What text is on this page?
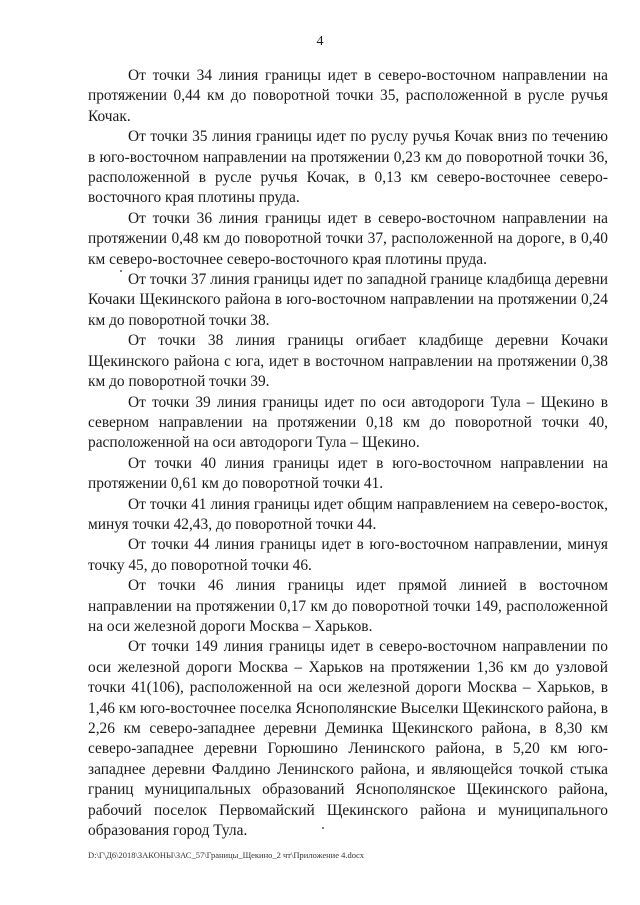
4

От точки 34 линия границы идет в северо-восточном направлении на протяжении 0,44 км до поворотной точки 35, расположенной в русле ручья Кочак.

От точки 35 линия границы идет по руслу ручья Кочак вниз по течению в юго-восточном направлении на протяжении 0,23 км до поворотной точки 36, расположенной в русле ручья Кочак, в 0,13 км северо-восточнее северо-восточного края плотины пруда.

От точки 36 линия границы идет в северо-восточном направлении на протяжении 0,48 км до поворотной точки 37, расположенной на дороге, в 0,40 км северо-восточнее северо-восточного края плотины пруда.

От точки 37 линия границы идет по западной границе кладбища деревни Кочаки Щекинского района в юго-восточном направлении на протяжении 0,24 км до поворотной точки 38.

От точки 38 линия границы огибает кладбище деревни Кочаки Щекинского района с юга, идет в восточном направлении на протяжении 0,38 км до поворотной точки 39.

От точки 39 линия границы идет по оси автодороги Тула – Щекино в северном направлении на протяжении 0,18 км до поворотной точки 40, расположенной на оси автодороги Тула – Щекино.

От точки 40 линия границы идет в юго-восточном направлении на протяжении 0,61 км до поворотной точки 41.

От точки 41 линия границы идет общим направлением на северо-восток, минуя точки 42,43, до поворотной точки 44.

От точки 44 линия границы идет в юго-восточном направлении, минуя точку 45, до поворотной точки 46.

От точки 46 линия границы идет прямой линией в восточном направлении на протяжении 0,17 км до поворотной точки 149, расположенной на оси железной дороги Москва – Харьков.

От точки 149 линия границы идет в северо-восточном направлении по оси железной дороги Москва – Харьков на протяжении 1,36 км до узловой точки 41(106), расположенной на оси железной дороги Москва – Харьков, в 1,46 км юго-восточнее поселка Яснополянские Выселки Щекинского района, в 2,26 км северо-западнее деревни Деминка Щекинского района, в 8,30 км северо-западнее деревни Горюшино Ленинского района, в 5,20 км юго-западнее деревни Фалдино Ленинского района, и являющейся точкой стыка границ муниципальных образований Яснополянское Щекинского района, рабочий поселок Первомайский Щекинского района и муниципального образования город Тула.

D:\Г\Д6\2018\ЗАКОНЫ\ЗАС_57\Границы_Щекино_2 чт\Приложение 4.docx
